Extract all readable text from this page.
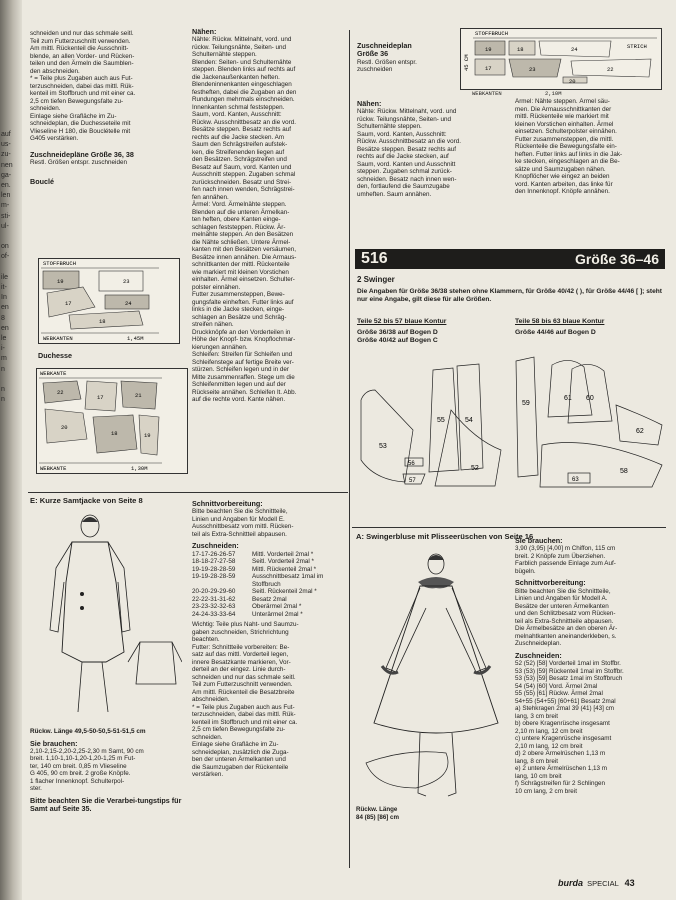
auf
us-
zu-
nen
ga-
en.
len
m-
sti-
ul-

on
of-

ile
it-
In
en
8
en
le
i-
m
n

n
n

schneiden und nur das schmale seitl.

Teil zum Futterzuschnitt verwenden.

Am mittl. Rückenteil die Ausschnitt-

blende, an allen Vorder- und Rücken-

teilen und den Ärmeln die Saumblen-

den abschneiden.

* = Teile plus Zugaben auch aus Fut-

terzuschneiden, dabei das mittl. Rük-

kenteil im Stoffbruch und mit einer ca.

2,5 cm tiefen Bewegungsfalte zu-

schneiden.

Einlage siehe Grafläche im Zu-

schneideplan, die Duchesseteile mit

Vlieseline H 180, die Bouclételle mit

G405 verstärken.

Zuschneidepläne Größe 36, 38

Restl. Größen entspr. zuschneiden

Bouclé

STOFFBRUCH
19	23
17	24
18
WEBKANTEN	1,45M

Duchesse

WEBKANTE
22
17	21
20
18	19
WEBKANTE	1,30M

Nähen:

Nähte: Rückw. Mittelnaht, vord. und

rückw. Teilungsnähte, Seiten- und

Schulternähte steppen.

Blenden: Seiten- und Schulternähte

steppen. Blenden links auf rechts auf

die Jackenaußenkanten heften.

Blendeninnenkanten eingeschlagen

festheften, dabei die Zugaben an den

Rundungen mehrmals einschneiden.

Innenkanten schmal feststeppen.

Saum, vord. Kanten, Ausschnitt:

Rückw. Ausschnittbesatz an die vord.

Besätze steppen. Besatz rechts auf

rechts auf die Jacke stecken. Am

Saum den Schrägstreifen aufstek-

ken, die Streifenenden liegen auf

den Besätzen. Schrägstreifen und

Besatz auf Saum, vord. Kanten und

Ausschnitt steppen. Zugaben schmal

zurückschneiden. Besatz und Strei-

fen nach innen wenden, Schrägstrei-

fen annähen.

Ärmel: Vord. Ärmelnähte steppen.

Blenden auf die unteren Ärmelkan-

ten heften, obere Kanten einge-

schlagen feststeppen. Rückw. Är-

melnähte steppen. An den Besätzen

die Nähte schließen. Untere Ärmel-

kanten mit den Besätzen versäumen,

Besätze innen annähen. Die Armaus-

schnittkanten der mittl. Rückenteile

wie markiert mit kleinen Vorstichen

einhalten. Ärmel einsetzen. Schulter-

polster einnähen.

Futter zusammensteppen, Bewe-

gungsfalte einheften. Futter links auf

links in die Jacke stecken, einge-

schlagen an Besätze und Schräg-

streifen nähen.

Druckknöpfe an den Vorderteilen in

Höhe der Knopf- bzw. Knopflochmar-

kierungen annähen.

Schleifen: Streifen für Schleifen und

Schleifenstege auf fertige Breite ver-

stürzen. Schleifen legen und in der

Mitte zusammenraffen. Stege um die

Schleifenmitten legen und auf der

Rückseite annähen. Schleifen lt. Abb.

auf die rechte vord. Kante nähen.

Zuschneideplan

Größe 36

Restl. Größen entspr.

zuschneiden

STOFFBRUCH
45 CM
STRICH
19	18	24
17	23	22
20
WEBKANTEN	2,10M

Nähen:

Nähte: Rückw. Mittelnaht, vord. und

rückw. Teilungsnähte, Seiten- und

Schulternähte steppen.

Saum, vord. Kanten, Ausschnitt:

Rückw. Ausschnittbesatz an die vord.

Besätze steppen. Besatz rechts auf

rechts auf die Jacke stecken, auf

Saum, vord. Kanten und Ausschnitt

steppen. Zugaben schmal zurück-

schneiden. Besatz nach innen wen-

den, fortlaufend die Saumzugabe

umheften. Saum annähen.

Ärmel: Nähte steppen. Ärmel säu-

men. Die Armausschnittkanten der

mittl. Rückenteile wie markiert mit

kleinen Vorstichen einhalten. Ärmel

einsetzen. Schulterpolster einnähen.

Futter zusammensteppen, die mittl.

Rückenteile die Bewegungsfalte ein-

heften. Futter links auf links in die Jak-

ke stecken, eingeschlagen an die Be-

sätze und Saumzugaben nähen.

Knopflöcher wie eingez an beiden

vord. Kanten arbeiten, das linke für

den Innenknopf. Knöpfe annähen.

516	Größe 36–46

2 Swinger

Die Angaben für Größe 36/38 stehen ohne Klammern, für Größe 40/42 ( ), für Größe 44/46 [ ]; steht nur eine Angabe, gilt diese für alle Größen.

Teile 52 bis 57 blaue Kontur

Größe 36/38 auf Bogen D

Größe 40/42 auf Bogen C

Teile 58 bis 63 blaue Kontur

Größe 44/46 auf Bogen D

53
55	54
52
56
57
61 60
59
62
63
58
E: Kurze Samtjacke von Seite 8

Rückw. Länge 49,5-50-50,5-51-51,5 cm

Sie brauchen:

2,10-2,15-2,20-2,25-2,30 m Samt, 90 cm

breit. 1,10-1,10-1,20-1,20-1,25 m Fut-

ter, 140 cm breit. 0,85 m Vlieseline

G 405, 90 cm breit. 2 große Knöpfe.

1 flacher Innenknopf. Schulterpol-

ster.

Bitte beachten Sie die Verarbei-tungstips für Samt auf Seite 35.

Schnittvorbereitung:

Bitte beachten Sie die Schnittteile,

Linien und Angaben für Modell E.

Ausschnittbesatz vom mittl. Rücken-

teil als Extra-Schnittteil abpausen.

Zuschneiden:

17-17-26-26-57	Mittl. Vorderteil 2mal *
18-18-27-27-58	Seitl. Vorderteil 2mal *
19-19-28-28-59	Mittl. Rückenteil 2mal *
19-19-28-28-59	Ausschnittbesatz 1mal im Stoffbruch
20-20-29-29-60	Seitl. Rückenteil 2mal *
22-22-31-31-62	Besatz 2mal
23-23-32-32-63	Oberärmel 2mal *
24-24-33-33-64	Unterärmel 2mal *

Wichtig: Teile plus Naht- und Saumzu-

gaben zuschneiden, Strichrichtung

beachten.

Futter: Schnittteile vorbereiten: Be-

satz auf das mittl. Vorderteil legen,

innere Besatzkante markieren, Vor-

derteil an der eingez. Linie durch-

schneiden und nur das schmale seitl.

Teil zum Futterzuschnitt verwenden.

Am mittl. Rückenteil die Besatzbreite

abschneiden.

* = Teile plus Zugaben auch aus Fut-

terzuschneiden, dabei das mittl. Rük-

kenteil im Stoffbruch und mit einer ca.

2,5 cm tiefen Bewegungsfalte zu-

schneiden.

Einlage siehe Grafläche im Zu-

schneideplan, zusätzlich die Zuga-

ben der unteren Ärmelkanten und

die Saumzugaben der Rückenteile

verstärken.

A: Swingerbluse mit Plisseerüschen von Seite 16

Rückw. Länge

84 (85) [86] cm

Sie brauchen:

3,90 (3,95) [4,00] m Chiffon, 115 cm

breit. 2 Knöpfe zum Überziehen.

Farblich passende Einlage zum Auf-

bügeln.

Schnittvorbereitung:

Bitte beachten Sie die Schnittteile,

Linien und Angaben für Modell A.

Besätze der unteren Ärmelkanten

und den Schlitzbesatz vom Rücken-

teil als Extra-Schnittteile abpausen.

Die Ärmelbesätze an den oberen Är-

melnahtkanten aneinanderkleben, s.

Zuschneideplan.

Zuschneiden:

52 (52) [58] Vorderteil 1mal im Stoffbr.

53 (53) [59] Rückenteil 1mal im Stoffbr.

53 (53) [59] Besatz 1mal im Stoffbruch

54 (54) [60] Vord. Ärmel 2mal

55 (55) [61] Rückw. Ärmel 2mal

54+55 (54+55) [60+61] Besatz 2mal

a) Stehkragen 2mal 39 (41) [43] cm

lang, 3 cm breit

b) obere Kragenrüsche insgesamt

2,10 m lang, 12 cm breit

c) untere Kragenrüsche insgesamt

2,10 m lang, 12 cm breit

d) 2 obere Ärmelrüschen 1,13 m

lang, 8 cm breit

e) 2 untere Ärmelrüschen 1,13 m

lang, 10 cm breit

f) Schrägstreifen für 2 Schlingen

10 cm lang, 2 cm breit

burda SPECIAL 43
